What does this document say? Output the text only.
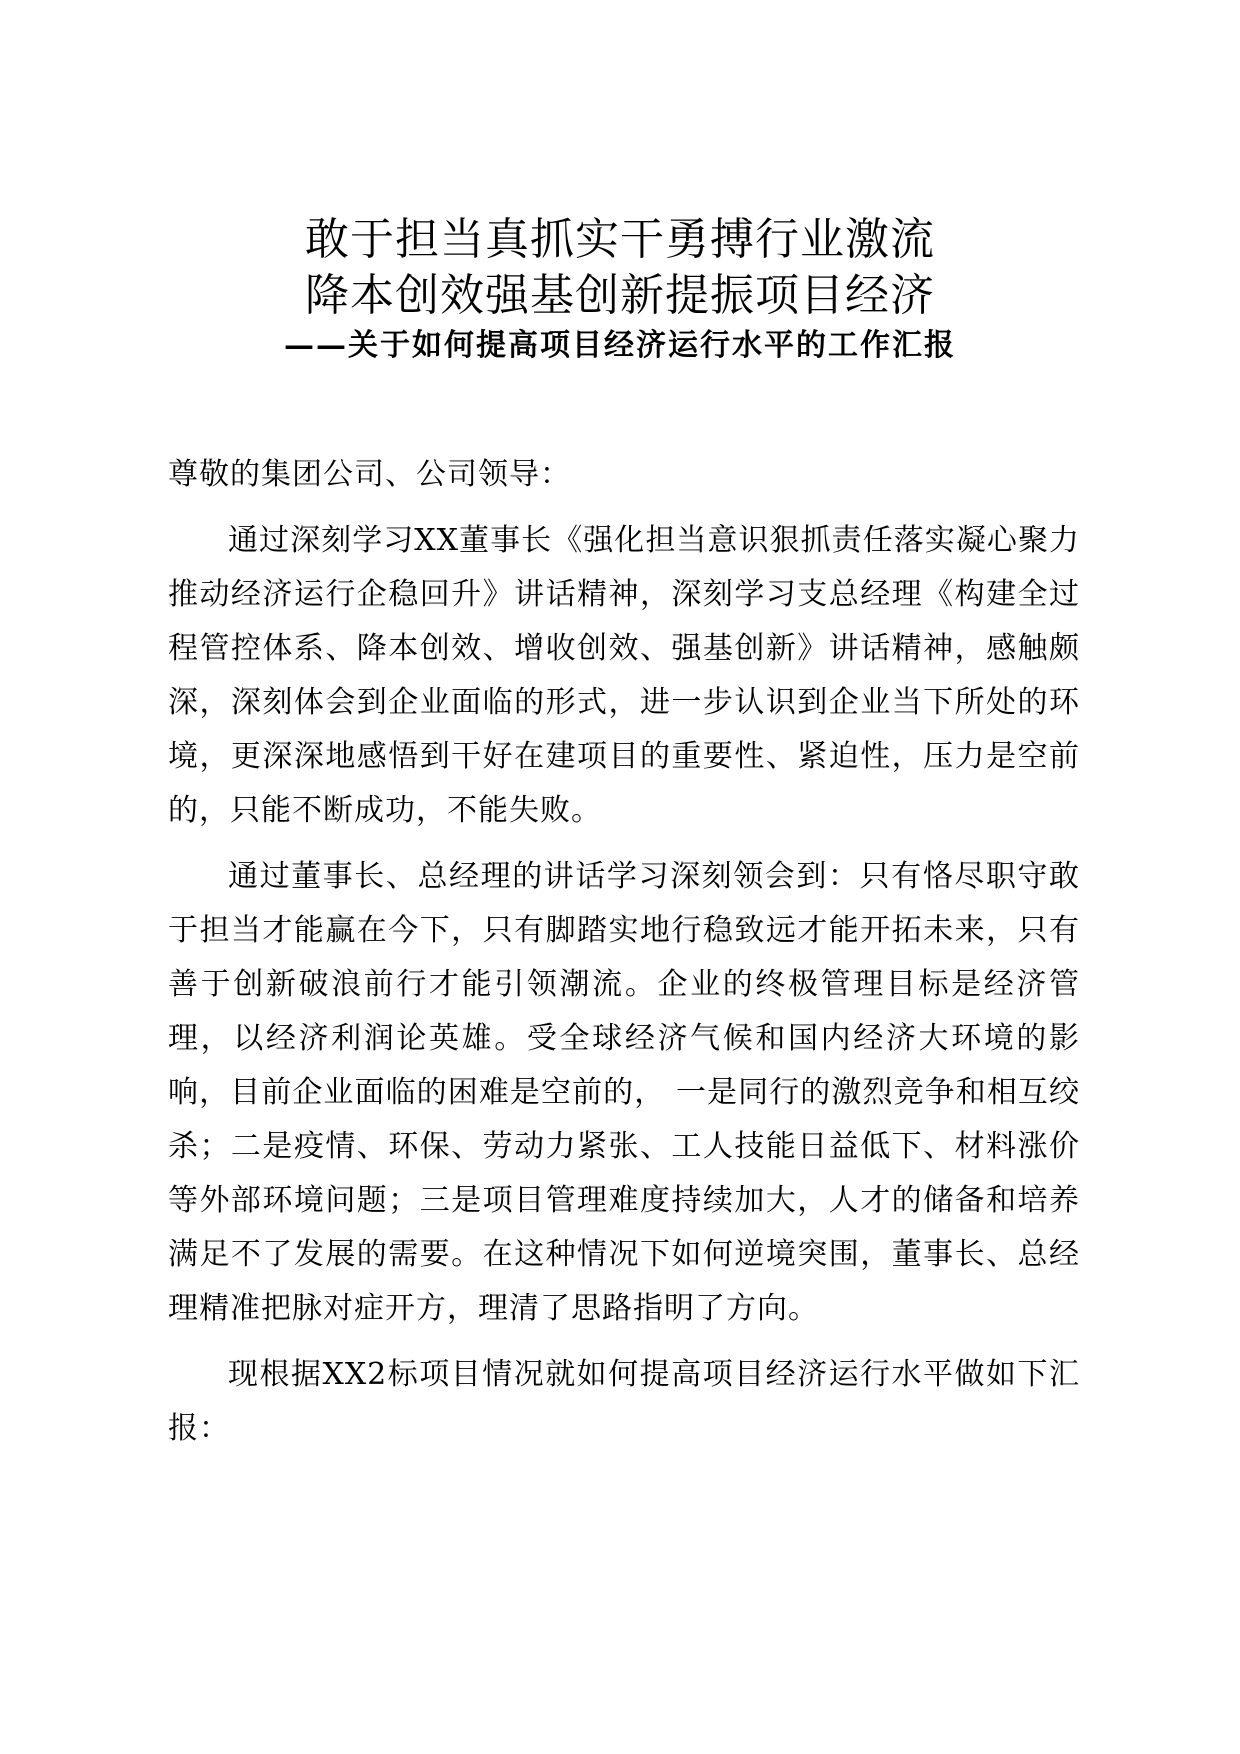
敢于担当真抓实干勇搏行业激流
降本创效强基创新提振项目经济
——关于如何提高项目经济运行水平的工作汇报

尊敬的集团公司、公司领导：

通过深刻学习XX董事长《强化担当意识狠抓责任落实凝心聚力推动经济运行企稳回升》讲话精神，深刻学习支总经理《构建全过程管控体系、降本创效、增收创效、强基创新》讲话精神，感触颇深，深刻体会到企业面临的形式，进一步认识到企业当下所处的环境，更深深地感悟到干好在建项目的重要性、紧迫性，压力是空前的，只能不断成功，不能失败。

通过董事长、总经理的讲话学习深刻领会到：只有恪尽职守敢于担当才能赢在今下，只有脚踏实地行稳致远才能开拓未来，只有善于创新破浪前行才能引领潮流。企业的终极管理目标是经济管理，以经济利润论英雄。受全球经济气候和国内经济大环境的影响，目前企业面临的困难是空前的， 一是同行的激烈竞争和相互绞杀；二是疫情、环保、劳动力紧张、工人技能日益低下、材料涨价等外部环境问题；三是项目管理难度持续加大，人才的储备和培养满足不了发展的需要。在这种情况下如何逆境突围，董事长、总经理精准把脉对症开方，理清了思路指明了方向。

现根据XX2标项目情况就如何提高项目经济运行水平做如下汇报：
